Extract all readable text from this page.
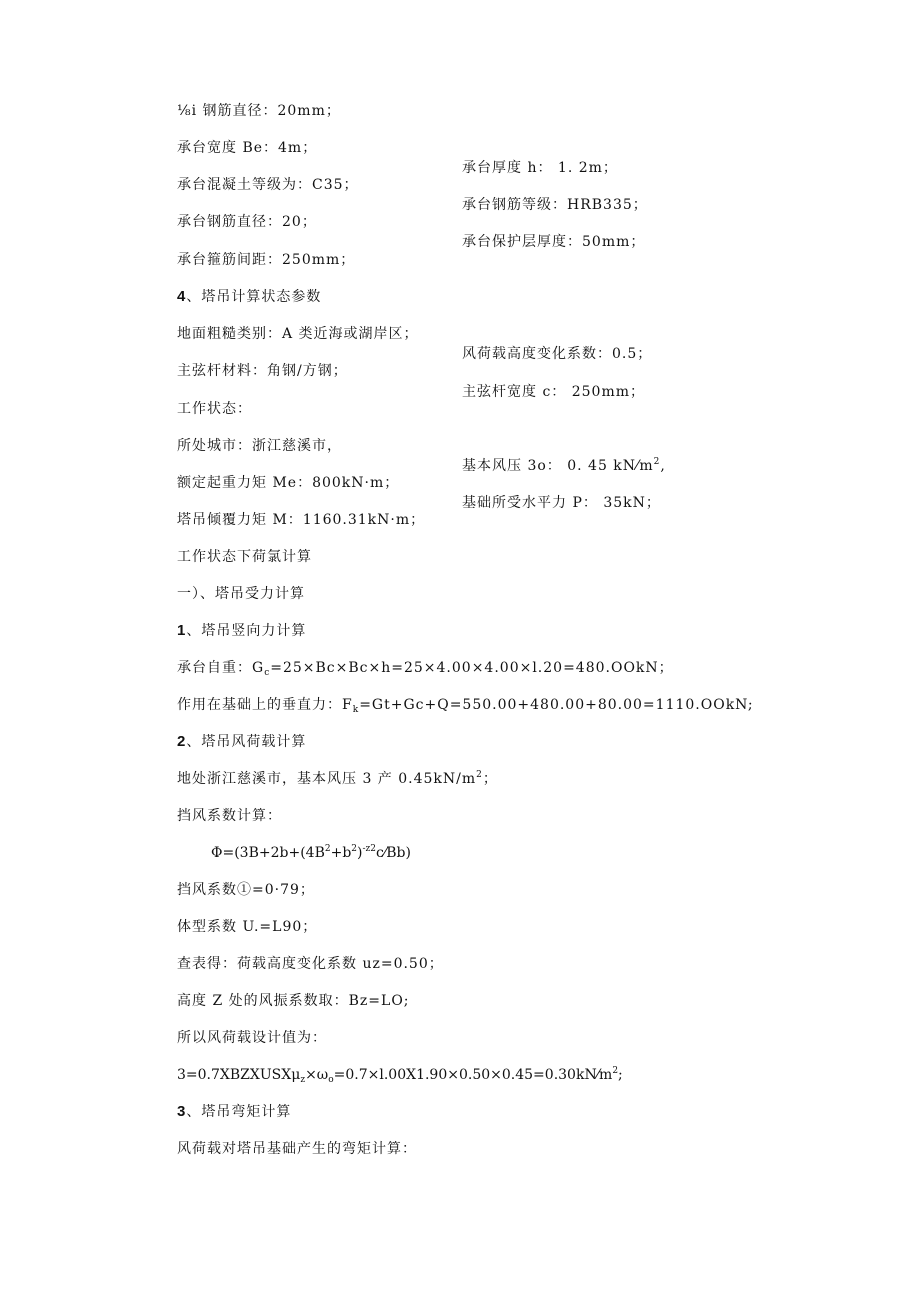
⅛i 钢筋直径：20mm；
承台宽度 Be：4m；
承台厚度 h： 1. 2m；
承台混凝土等级为：C35；
承台钢筋等级：HRB335；
承台钢筋直径：20；
承台保护层厚度：50mm；
承台箍筋间距：250mm；
4、塔吊计算状态参数
地面粗糙类别：A 类近海或湖岸区；
风荷载高度变化系数：0.5；
主弦杆材料：角钢/方钢；
主弦杆宽度 c： 250mm；
工作状态：
所处城市：浙江慈溪市，
基本风压 3o： 0. 45 $kN⁄m^2$,
额定起重力矩 Me：800kN·m；
基础所受水平力 P： 35kN；
塔吊倾覆力矩 M：1160.31kN·m；
工作状态下荷氯计算
一）、塔吊受力计算
1、塔吊竖向力计算
承台自重：$G_c=25\times Bc\times Bc\times h=25\times 4.00\times 4.00\times l.20=480.OOkN$；
作用在基础上的垂直力：$F_k=Gt+Gc+Q=550.00+480.00+80.00=1110.OOkN$;
2、塔吊风荷载计算
地处浙江慈溪市，基本风压 3 产 $0.45kN/m^2$；
挡风系数计算：
$\Phi=(3B+2b+(4B^2+b^2)^{-z2}c⁄Bb)$
挡风系数①=0·79；
体型系数 U.=L90；
查表得：荷载高度变化系数 uz=0.50；
高度 Z 处的风振系数取：Bz=LO;
所以风荷载设计值为：
$3=0.7XBZXUSX\mu_z\times\omega_o=0.7\times l.00X1.90\times 0.50\times 0.45=0.30kN⁄m^2$;
3、塔吊弯矩计算
风荷载对塔吊基础产生的弯矩计算：
